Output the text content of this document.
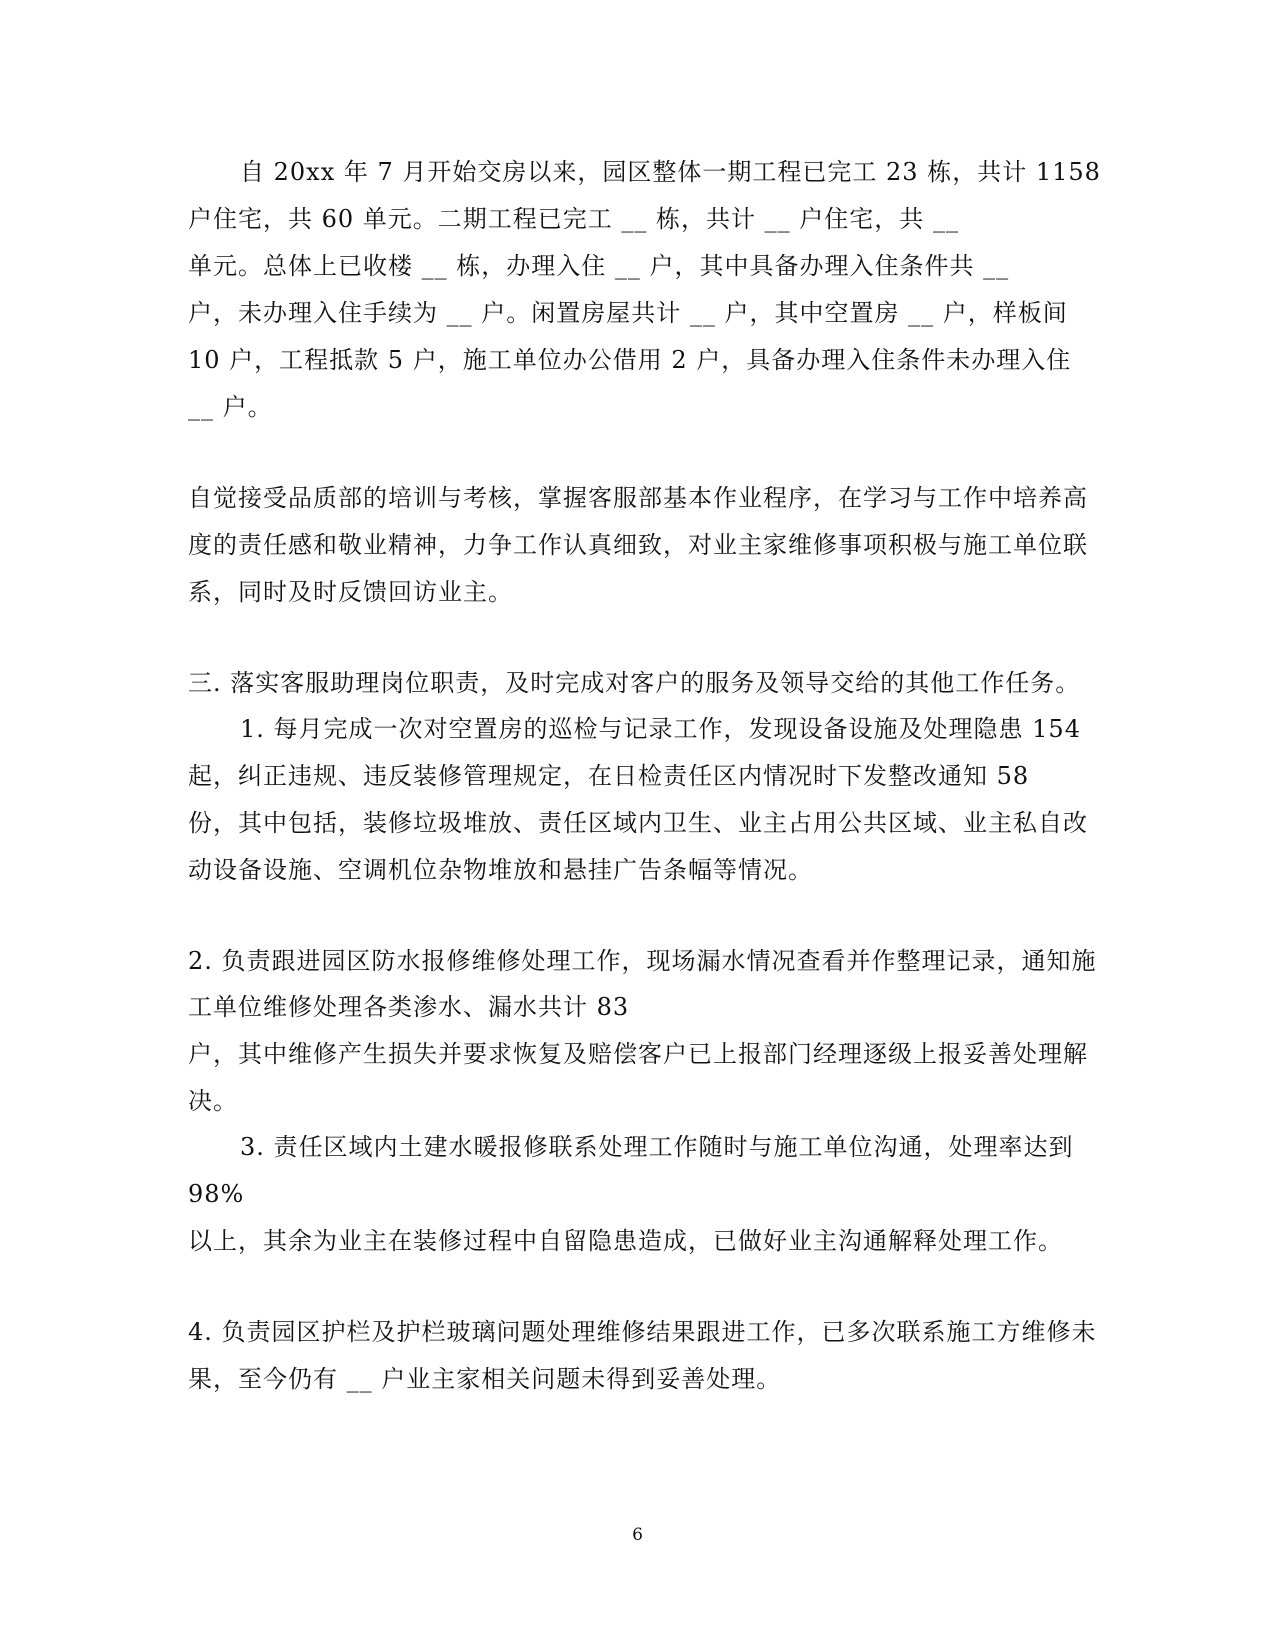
自 20xx 年 7 月开始交房以来，园区整体一期工程已完工 23 栋，共计 1158
户住宅，共 60 单元。二期工程已完工 __ 栋，共计 __ 户住宅，共 __
单元。总体上已收楼 __ 栋，办理入住 __ 户，其中具备办理入住条件共 __
户，未办理入住手续为 __ 户。闲置房屋共计 __ 户，其中空置房 __ 户，样板间
10 户，工程抵款 5 户，施工单位办公借用 2 户，具备办理入住条件未办理入住
__ 户。
自觉接受品质部的培训与考核，掌握客服部基本作业程序，在学习与工作中培养高
度的责任感和敬业精神，力争工作认真细致，对业主家维修事项积极与施工单位联
系，同时及时反馈回访业主。
三. 落实客服助理岗位职责，及时完成对客户的服务及领导交给的其他工作任务。
1. 每月完成一次对空置房的巡检与记录工作，发现设备设施及处理隐患 154
起，纠正违规、违反装修管理规定，在日检责任区内情况时下发整改通知 58
份，其中包括，装修垃圾堆放、责任区域内卫生、业主占用公共区域、业主私自改
动设备设施、空调机位杂物堆放和悬挂广告条幅等情况。
2. 负责跟进园区防水报修维修处理工作，现场漏水情况查看并作整理记录，通知施
工单位维修处理各类渗水、漏水共计 83
户，其中维修产生损失并要求恢复及赔偿客户已上报部门经理逐级上报妥善处理解
决。
3. 责任区域内土建水暖报修联系处理工作随时与施工单位沟通，处理率达到
98%
以上，其余为业主在装修过程中自留隐患造成，已做好业主沟通解释处理工作。
4. 负责园区护栏及护栏玻璃问题处理维修结果跟进工作，已多次联系施工方维修未
果，至今仍有 __ 户业主家相关问题未得到妥善处理。
6
